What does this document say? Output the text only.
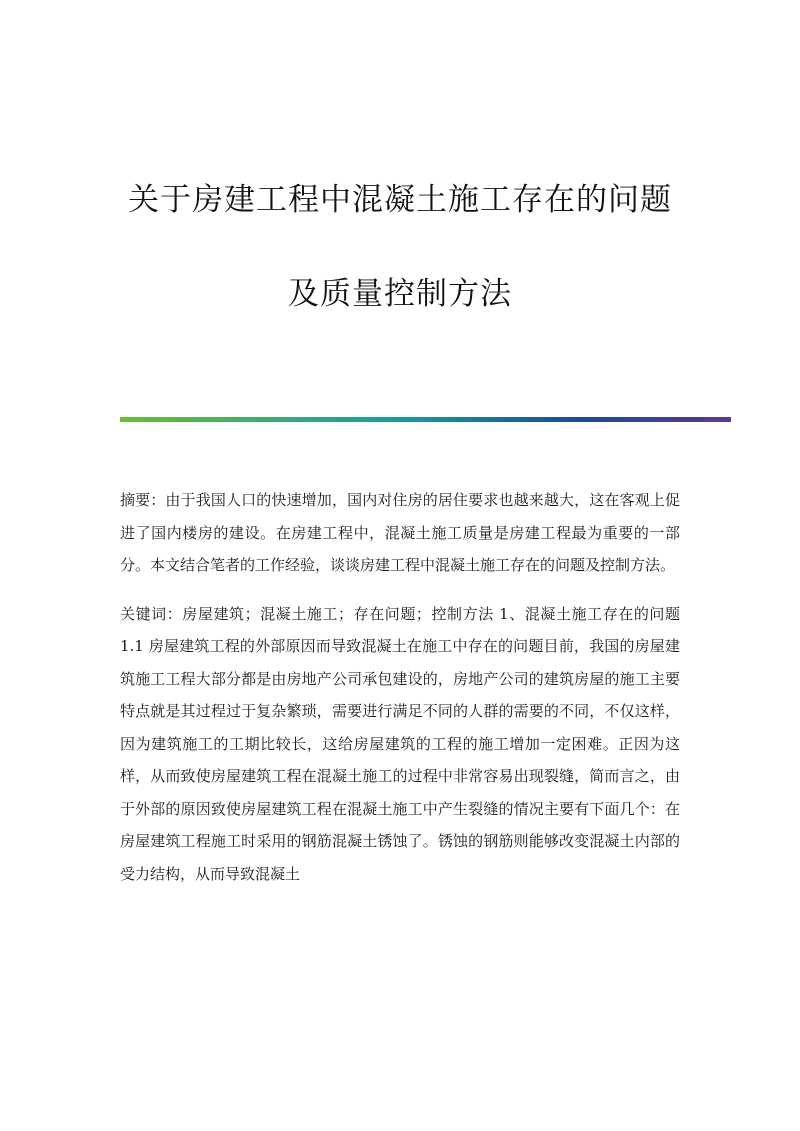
关于房建工程中混凝土施工存在的问题
及质量控制方法

摘要：由于我国人口的快速增加，国内对住房的居住要求也越来越大，这在客观上促进了国内楼房的建设。在房建工程中，混凝土施工质量是房建工程最为重要的一部分。本文结合笔者的工作经验，谈谈房建工程中混凝土施工存在的问题及控制方法。

关键词：房屋建筑；混凝土施工；存在问题；控制方法 1、混凝土施工存在的问题 1.1 房屋建筑工程的外部原因而导致混凝土在施工中存在的问题目前，我国的房屋建筑施工工程大部分都是由房地产公司承包建设的，房地产公司的建筑房屋的施工主要特点就是其过程过于复杂繁琐，需要进行满足不同的人群的需要的不同，不仅这样，因为建筑施工的工期比较长，这给房屋建筑的工程的施工增加一定困难。正因为这样，从而致使房屋建筑工程在混凝土施工的过程中非常容易出现裂缝，简而言之，由于外部的原因致使房屋建筑工程在混凝土施工中产生裂缝的情况主要有下面几个：在房屋建筑工程施工时采用的钢筋混凝土锈蚀了。锈蚀的钢筋则能够改变混凝土内部的受力结构，从而导致混凝土
